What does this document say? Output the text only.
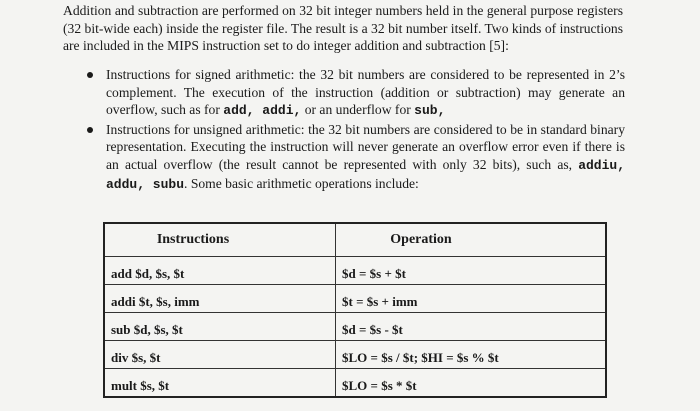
Addition and subtraction are performed on 32 bit integer numbers held in the general purpose registers (32 bit-wide each) inside the register file. The result is a 32 bit number itself. Two kinds of instructions are included in the MIPS instruction set to do integer addition and subtraction [5]:

Instructions for signed arithmetic: the 32 bit numbers are considered to be represented in 2’s complement. The execution of the instruction (addition or subtraction) may generate an overflow, such as for add, addi, or an underflow for sub,
Instructions for unsigned arithmetic: the 32 bit numbers are considered to be in standard binary representation. Executing the instruction will never generate an overflow error even if there is an actual overflow (the result cannot be represented with only 32 bits), such as, addiu, addu, subu. Some basic arithmetic operations include:
Instructions	Operation
add $d, $s, $t	$d = $s + $t
addi $t, $s, imm	$t = $s + imm
sub $d, $s, $t	$d = $s - $t
div $s, $t	$LO = $s / $t; $HI = $s % $t
mult $s, $t	$LO = $s * $t
